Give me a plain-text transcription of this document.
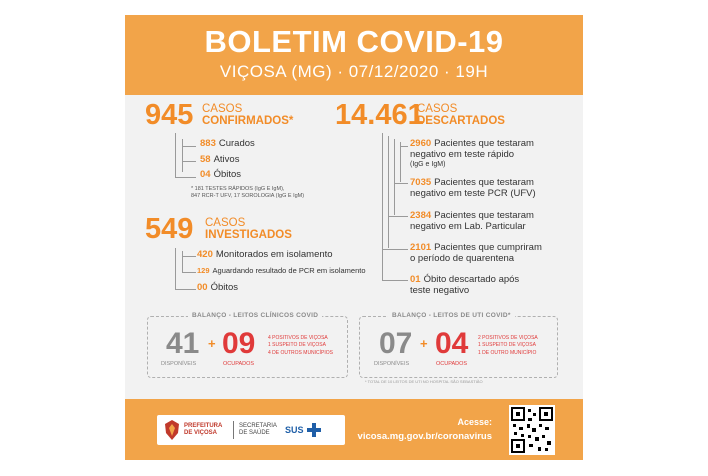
BOLETIM COVID-19
VIÇOSA (MG) · 07/12/2020 · 19H
945 CASOS
CONFIRMADOS*
883 Curados
58 Ativos
04 Óbitos
* 181 TESTES RÁPIDOS (IgG E IgM),
847 RCR-T UFV, 17 SOROLOGIA (IgG E IgM)
549 CASOS
INVESTIGADOS
420 Monitorados em isolamento
129 Aguardando resultado de PCR em isolamento
00 Óbitos
14.461
CASOS
DESCARTADOS
2960 Pacientes que testaram
negativo em teste rápido
(IgG e IgM)
7035 Pacientes que testaram
negativo em teste PCR (UFV)
2384 Pacientes que testaram
negativo em Lab. Particular
2101 Pacientes que cumpriram
o período de quarentena
01 Óbito descartado após
teste negativo
BALANÇO - LEITOS CLÍNICOS COVID
41
DISPONÍVEIS
+ 09
OCUPADOS
4 POSITIVOS DE VIÇOSA
1 SUSPEITO DE VIÇOSA
4 DE OUTROS MUNICÍPIOS
BALANÇO - LEITOS DE UTI COVID*
07
DISPONÍVEIS
+ 04
OCUPADOS
2 POSITIVOS DE VIÇOSA
1 SUSPEITO DE VIÇOSA
1 DE OUTRO MUNICÍPIO
* TOTAL DE 10 LEITOS DE UTI NO HOSPITAL SÃO SEBASTIÃO
PREFEITURA
DE VIÇOSA
SECRETARIA
DE SAÚDE	SUS
Acesse:
vicosa.mg.gov.br/coronavirus
